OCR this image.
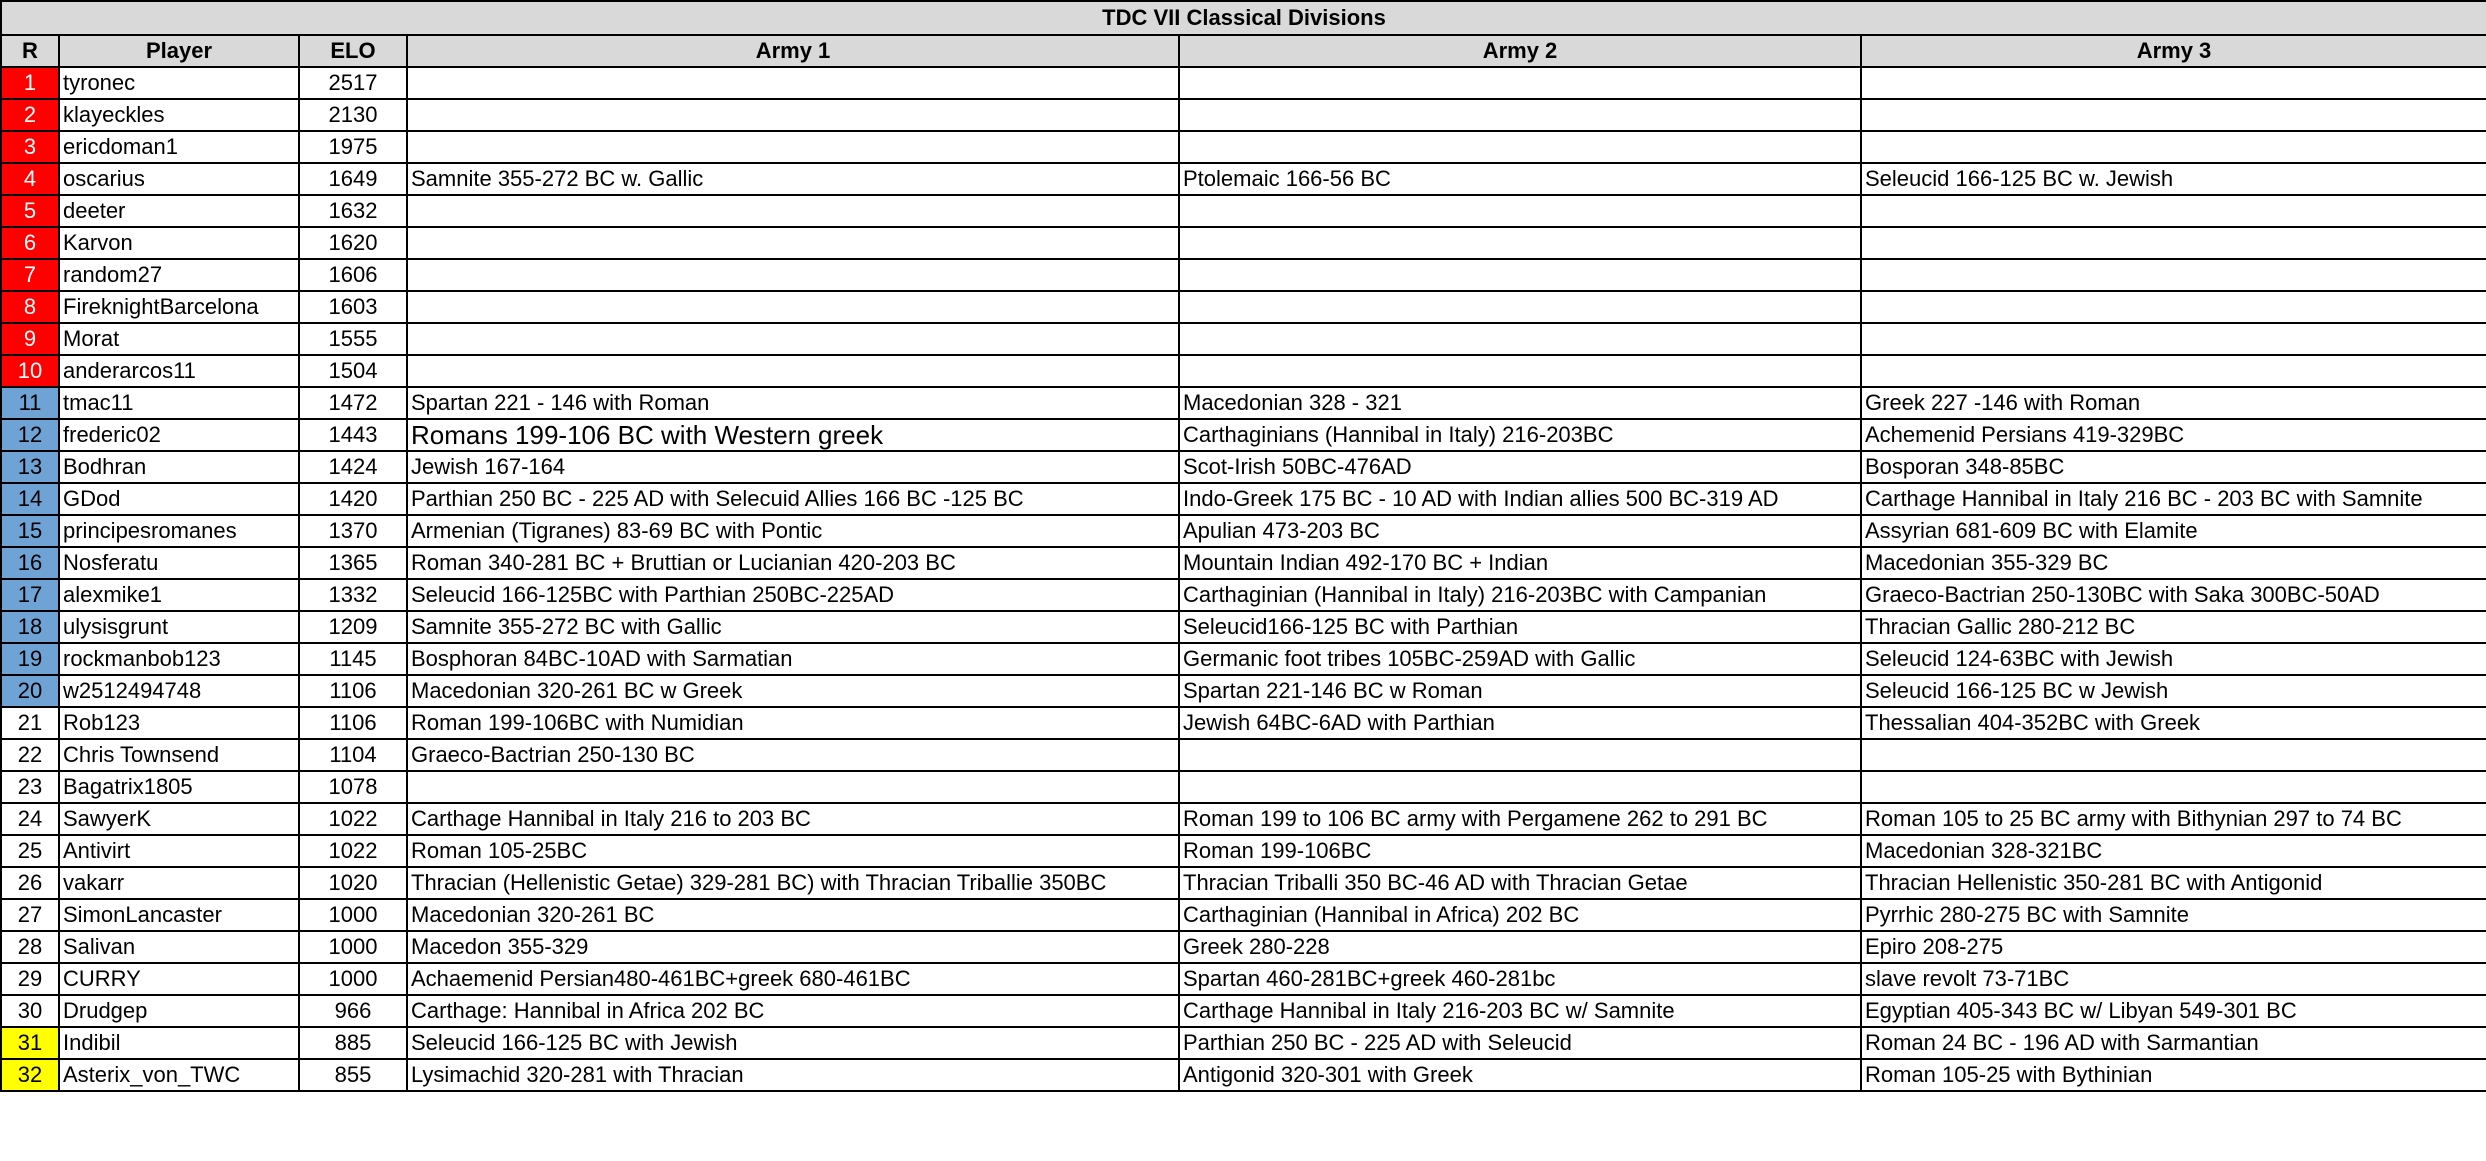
TDC VII Classical Divisions					
R	Player	ELO	Army 1	Army 2	Army 3
1	tyronec	2517			
2	klayeckles	2130			
3	ericdoman1	1975			
4	oscarius	1649	Samnite 355-272 BC w. Gallic	Ptolemaic 166-56 BC	Seleucid 166-125 BC w. Jewish
5	deeter	1632			
6	Karvon	1620			
7	random27	1606			
8	FireknightBarcelona	1603			
9	Morat	1555			
10	anderarcos11	1504			
11	tmac11	1472	Spartan 221 - 146 with Roman	Macedonian 328 - 321	Greek 227 -146 with Roman
12	frederic02	1443	Romans 199-106 BC with Western greek	Carthaginians (Hannibal in Italy) 216-203BC	Achemenid Persians 419-329BC
13	Bodhran	1424	Jewish 167-164	Scot-Irish 50BC-476AD	Bosporan 348-85BC
14	GDod	1420	Parthian 250 BC - 225 AD with Selecuid Allies 166 BC -125 BC	Indo-Greek 175 BC - 10 AD with Indian allies 500 BC-319 AD	Carthage Hannibal in Italy 216 BC - 203 BC with Samnite
15	principesromanes	1370	Armenian (Tigranes) 83-69 BC with Pontic	Apulian 473-203 BC	Assyrian 681-609 BC with Elamite
16	Nosferatu	1365	Roman 340-281 BC + Bruttian or Lucianian 420-203 BC	Mountain Indian 492-170 BC + Indian	Macedonian 355-329 BC
17	alexmike1	1332	Seleucid 166-125BC with Parthian 250BC-225AD	Carthaginian (Hannibal in Italy) 216-203BC with Campanian	Graeco-Bactrian 250-130BC with Saka 300BC-50AD
18	ulysisgrunt	1209	Samnite 355-272 BC with Gallic	Seleucid166-125 BC with Parthian	Thracian Gallic 280-212 BC
19	rockmanbob123	1145	Bosphoran 84BC-10AD with Sarmatian	Germanic foot tribes 105BC-259AD with Gallic	Seleucid 124-63BC with Jewish
20	w2512494748	1106	Macedonian 320-261 BC w Greek	Spartan 221-146 BC w Roman	Seleucid 166-125 BC w Jewish
21	Rob123	1106	Roman 199-106BC with Numidian	Jewish 64BC-6AD with Parthian	Thessalian 404-352BC with Greek
22	Chris Townsend	1104	Graeco-Bactrian 250-130 BC		
23	Bagatrix1805	1078			
24	SawyerK	1022	Carthage Hannibal in Italy 216 to 203 BC	Roman 199 to 106 BC army with Pergamene 262 to 291 BC	Roman 105 to 25 BC army with Bithynian 297 to 74 BC
25	Antivirt	1022	Roman 105-25BC	Roman 199-106BC	Macedonian 328-321BC
26	vakarr	1020	Thracian (Hellenistic Getae) 329-281 BC) with Thracian Triballie 350BC	Thracian Triballi 350 BC-46 AD with Thracian Getae	Thracian Hellenistic 350-281 BC with Antigonid
27	SimonLancaster	1000	Macedonian 320-261 BC	Carthaginian (Hannibal in Africa) 202 BC	Pyrrhic 280-275 BC with Samnite
28	Salivan	1000	Macedon 355-329	Greek 280-228	Epiro 208-275
29	CURRY	1000	Achaemenid Persian480-461BC+greek 680-461BC	Spartan 460-281BC+greek 460-281bc	slave revolt 73-71BC
30	Drudgep	966	Carthage: Hannibal in Africa 202 BC	Carthage Hannibal in Italy 216-203 BC w/ Samnite	Egyptian 405-343 BC w/ Libyan 549-301 BC
31	Indibil	885	Seleucid 166-125 BC with Jewish	Parthian 250 BC - 225 AD with Seleucid	Roman 24 BC - 196 AD with Sarmantian
32	Asterix_von_TWC	855	Lysimachid 320-281 with Thracian	Antigonid 320-301 with Greek	Roman 105-25 with Bythinian
